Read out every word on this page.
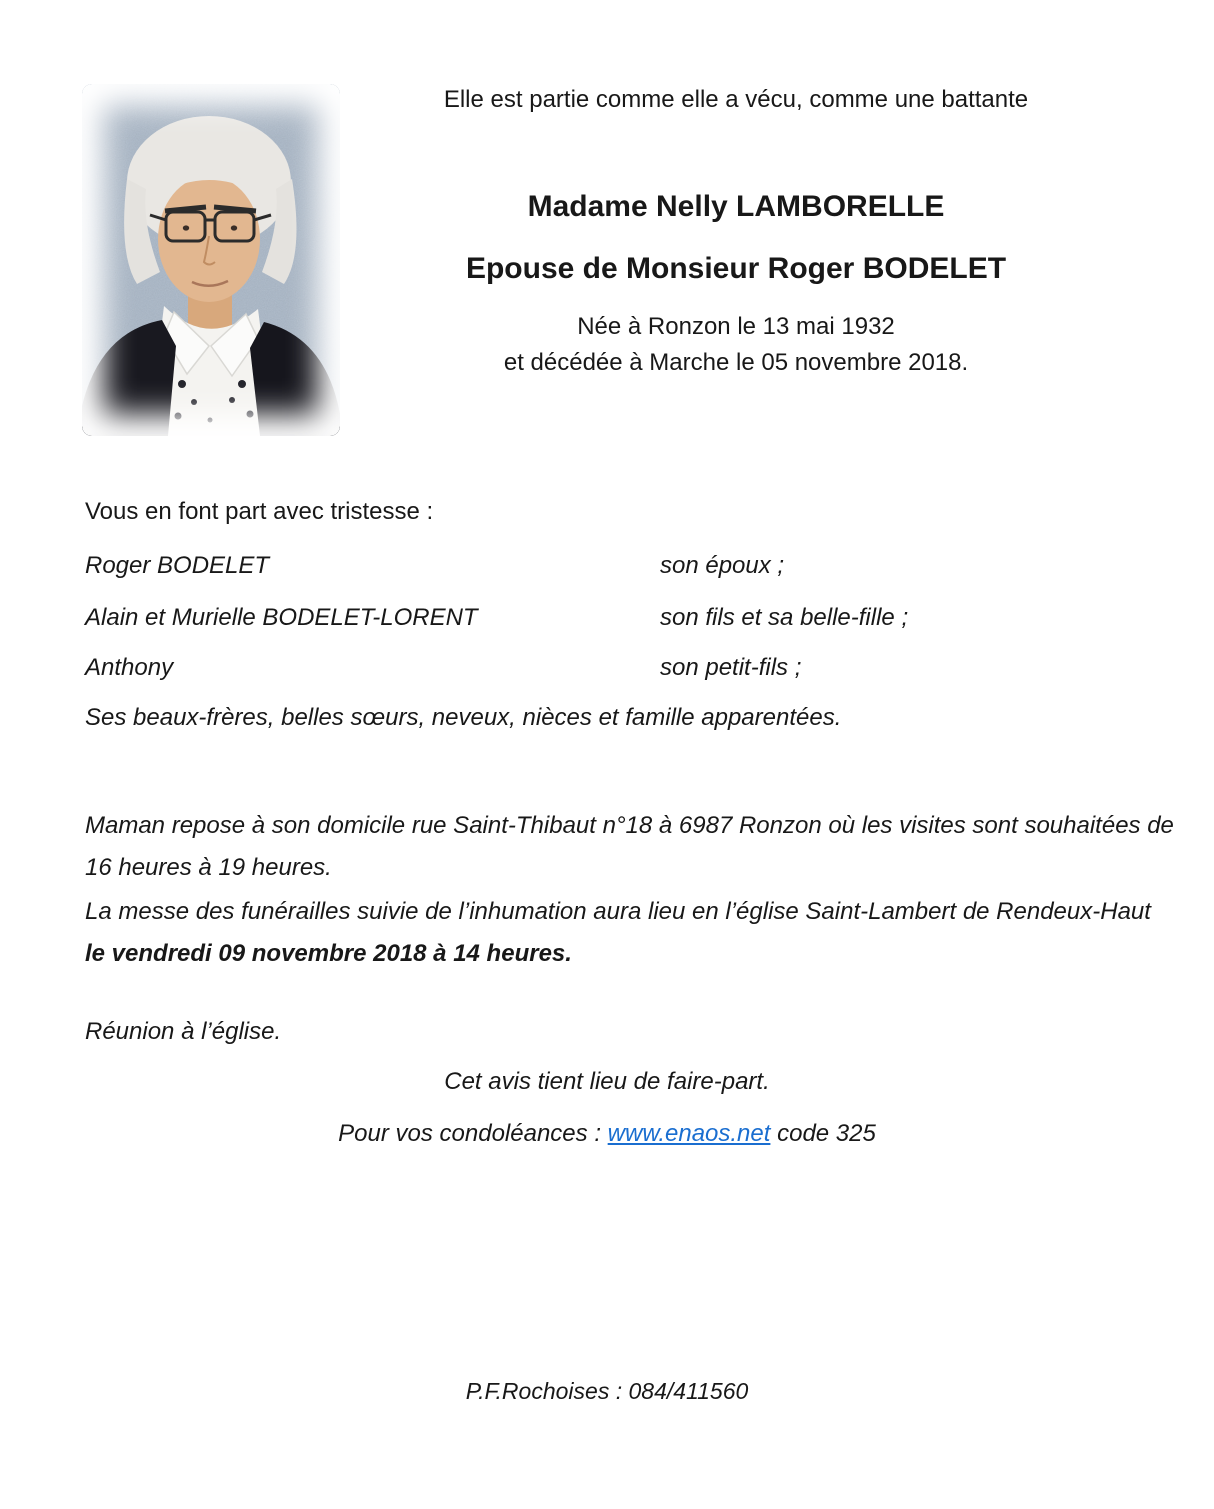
Elle est partie comme elle a vécu, comme une battante
Madame Nelly LAMBORELLE
Epouse de Monsieur Roger BODELET
Née à Ronzon le 13 mai 1932
et décédée à Marche le 05 novembre 2018.
Vous en font part avec tristesse :
Roger BODELET	son époux ;
Alain et Murielle BODELET-LORENT	son fils et sa belle-fille ;
Anthony	son petit-fils ;
Ses beaux-frères, belles sœurs, neveux, nièces et famille apparentées.
Maman repose à son domicile rue Saint-Thibaut n°18 à 6987 Ronzon où les visites sont souhaitées de
16 heures à 19 heures.
La messe des funérailles suivie de l’inhumation aura lieu en l’église Saint-Lambert de Rendeux-Haut
le vendredi 09 novembre 2018 à 14 heures.
Réunion à l’église.
Cet avis tient lieu de faire-part.
Pour vos condoléances : www.enaos.net code 325
P.F.Rochoises : 084/411560
